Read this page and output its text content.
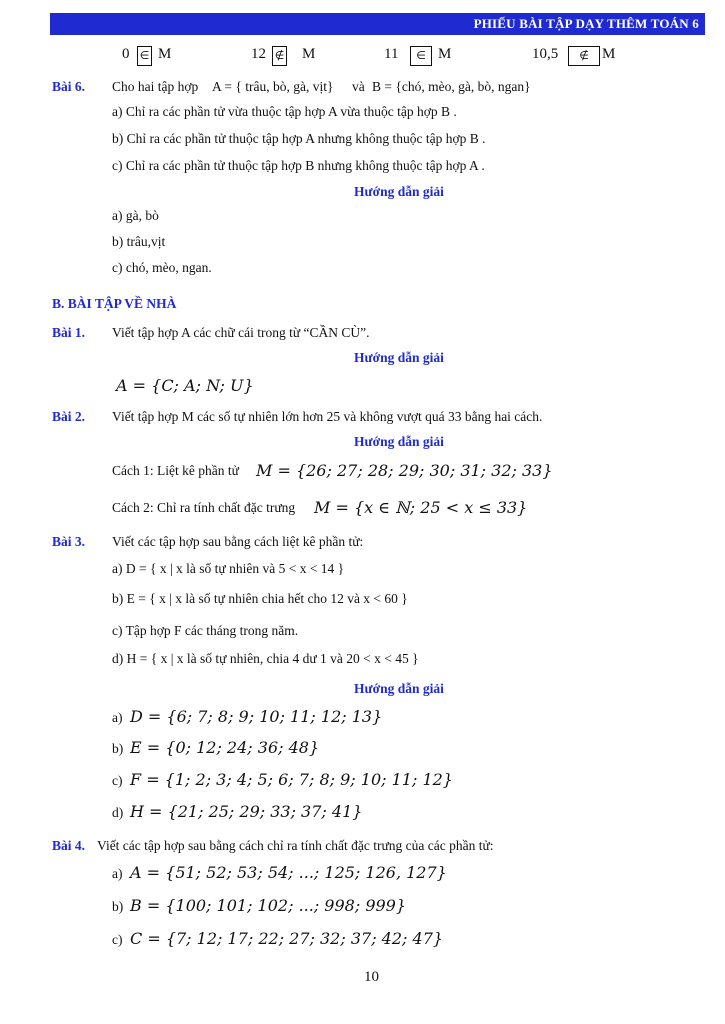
PHIẾU BÀI TẬP DẠY THÊM TOÁN 6
0 ∈ M	12 ∉ M	11	∈ M	10,5	∉ M
Bài 6. Cho hai tập hợp A = { trâu, bò, gà, vịt} và B = {chó, mèo, gà, bò, ngan}
a) Chỉ ra các phần tử vừa thuộc tập hợp A vừa thuộc tập hợp B .
b) Chỉ ra các phần tử thuộc tập hợp A nhưng không thuộc tập hợp B .
c) Chỉ ra các phần tử thuộc tập hợp B nhưng không thuộc tập hợp A .
Hướng dẫn giải
a) gà, bò
b) trâu,vịt
c) chó, mèo, ngan.
B. BÀI TẬP VỀ NHÀ
Bài 1. Viết tập hợp A các chữ cái trong từ “CẦN CÙ”.
Hướng dẫn giải
A = {C; A; N; U}
Bài 2. Viết tập hợp M các số tự nhiên lớn hơn 25 và không vượt quá 33 bằng hai cách.
Hướng dẫn giải
Cách 1: Liệt kê phần tử M = {26; 27; 28; 29; 30; 31; 32; 33}
Cách 2: Chỉ ra tính chất đặc trưng M = {x ∈ ℕ; 25 < x ≤ 33}
Bài 3. Viết các tập hợp sau bằng cách liệt kê phần tử:
a) D = { x | x là số tự nhiên và 5 < x < 14 }
b) E = { x | x là số tự nhiên chia hết cho 12 và x < 60 }
c) Tập hợp F các tháng trong năm.
d) H = { x | x là số tự nhiên, chia 4 dư 1 và 20 < x < 45 }
Hướng dẫn giải
a) D = {6; 7; 8; 9; 10; 11; 12; 13}
b) E = {0; 12; 24; 36; 48}
c) F = {1; 2; 3; 4; 5; 6; 7; 8; 9; 10; 11; 12}
d) H = {21; 25; 29; 33; 37; 41}
Bài 4. Viết các tập hợp sau bằng cách chỉ ra tính chất đặc trưng của các phần tử:
a) A = {51; 52; 53; 54; ...; 125; 126, 127}
b) B = {100; 101; 102; ...; 998; 999}
c) C = {7; 12; 17; 22; 27; 32; 37; 42; 47}
10
